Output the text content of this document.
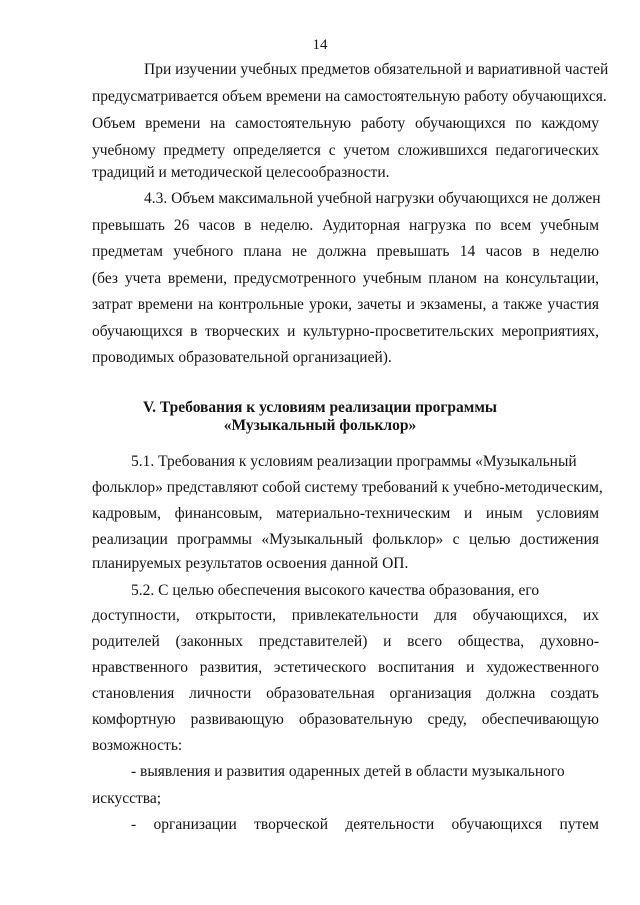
14
При изучении учебных предметов обязательной и вариативной частей
предусматривается объем времени на самостоятельную работу обучающихся.
Объем времени на самостоятельную работу обучающихся по каждому
учебному предмету определяется с учетом сложившихся педагогических
традиций и методической целесообразности.
4.3. Объем максимальной учебной нагрузки обучающихся не должен
превышать 26 часов в неделю. Аудиторная нагрузка по всем учебным
предметам учебного плана не должна превышать 14 часов в неделю
(без учета времени, предусмотренного учебным планом на консультации,
затрат времени на контрольные уроки, зачеты и экзамены, а также участия
обучающихся в творческих и культурно-просветительских мероприятиях,
проводимых образовательной организацией).
V. Требования к условиям реализации программы
«Музыкальный фольклор»
5.1. Требования к условиям реализации программы «Музыкальный
фольклор» представляют собой систему требований к учебно-методическим,
кадровым, финансовым, материально-техническим и иным условиям
реализации программы «Музыкальный фольклор» с целью достижения
планируемых результатов освоения данной ОП.
5.2. С целью обеспечения высокого качества образования, его
доступности, открытости, привлекательности для обучающихся, их
родителей (законных представителей) и всего общества, духовно-
нравственного развития, эстетического воспитания и художественного
становления личности образовательная организация должна создать
комфортную развивающую образовательную среду, обеспечивающую
возможность:
- выявления и развития одаренных детей в области музыкального
искусства;
- организации творческой деятельности обучающихся путем
